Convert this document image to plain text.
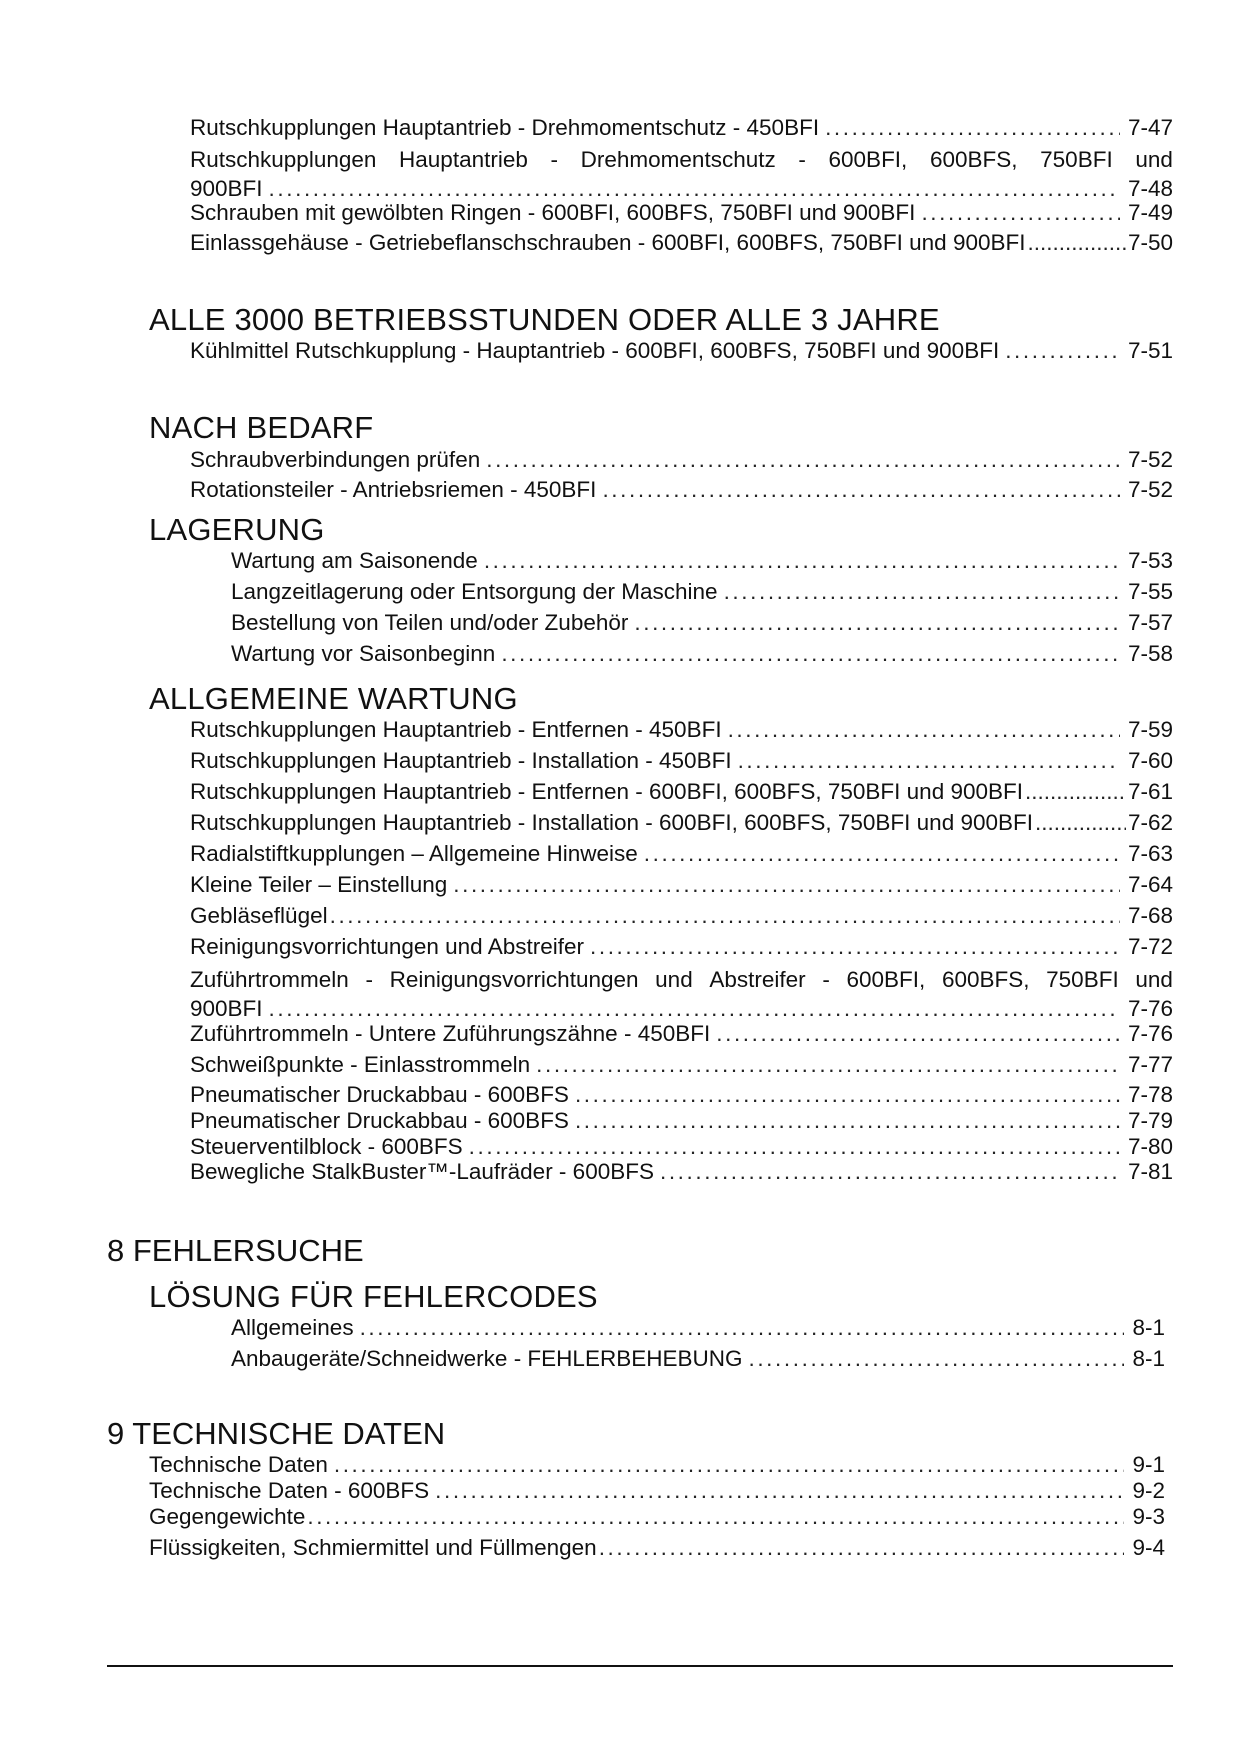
Rutschkupplungen Hauptantrieb - Drehmomentschutz - 450BFI .....	7-47
Rutschkupplungen Hauptantrieb - Drehmomentschutz - 600BFI, 600BFS, 750BFI und
900BFI .....	7-48
Schrauben mit gewölbten Ringen - 600BFI, 600BFS, 750BFI und 900BFI .....	7-49
Einlassgehäuse - Getriebeflanschschrauben - 600BFI, 600BFS, 750BFI und 900BFI .....	7-50
ALLE 3000 BETRIEBSSTUNDEN ODER ALLE 3 JAHRE
Kühlmittel Rutschkupplung - Hauptantrieb - 600BFI, 600BFS, 750BFI und 900BFI .....	7-51
NACH BEDARF
Schraubverbindungen prüfen .....	7-52
Rotationsteiler - Antriebsriemen - 450BFI .....	7-52
LAGERUNG
Wartung am Saisonende .....	7-53
Langzeitlagerung oder Entsorgung der Maschine .....	7-55
Bestellung von Teilen und/oder Zubehör .....	7-57
Wartung vor Saisonbeginn .....	7-58
ALLGEMEINE WARTUNG
Rutschkupplungen Hauptantrieb - Entfernen - 450BFI .....	7-59
Rutschkupplungen Hauptantrieb - Installation - 450BFI .....	7-60
Rutschkupplungen Hauptantrieb - Entfernen - 600BFI, 600BFS, 750BFI und 900BFI .....	7-61
Rutschkupplungen Hauptantrieb - Installation - 600BFI, 600BFS, 750BFI und 900BFI .....	7-62
Radialstiftkupplungen – Allgemeine Hinweise .....	7-63
Kleine Teiler – Einstellung .....	7-64
Gebläseflügel .....	7-68
Reinigungsvorrichtungen und Abstreifer .....	7-72
Zuführtrommeln - Reinigungsvorrichtungen und Abstreifer - 600BFI, 600BFS, 750BFI und
900BFI .....	7-76
Zuführtrommeln - Untere Zuführungszähne - 450BFI .....	7-76
Schweißpunkte - Einlasstrommeln .....	7-77
Pneumatischer Druckabbau - 600BFS .....	7-78
Pneumatischer Druckabbau - 600BFS .....	7-79
Steuerventilblock - 600BFS .....	7-80
Bewegliche StalkBuster™-Laufräder - 600BFS .....	7-81
8 FEHLERSUCHE
LÖSUNG FÜR FEHLERCODES
Allgemeines .....	8-1
Anbaugeräte/Schneidwerke - FEHLERBEHEBUNG .....	8-1
9 TECHNISCHE DATEN
Technische Daten .....	9-1
Technische Daten - 600BFS .....	9-2
Gegengewichte .....	9-3
Flüssigkeiten, Schmiermittel und Füllmengen .....	9-4
